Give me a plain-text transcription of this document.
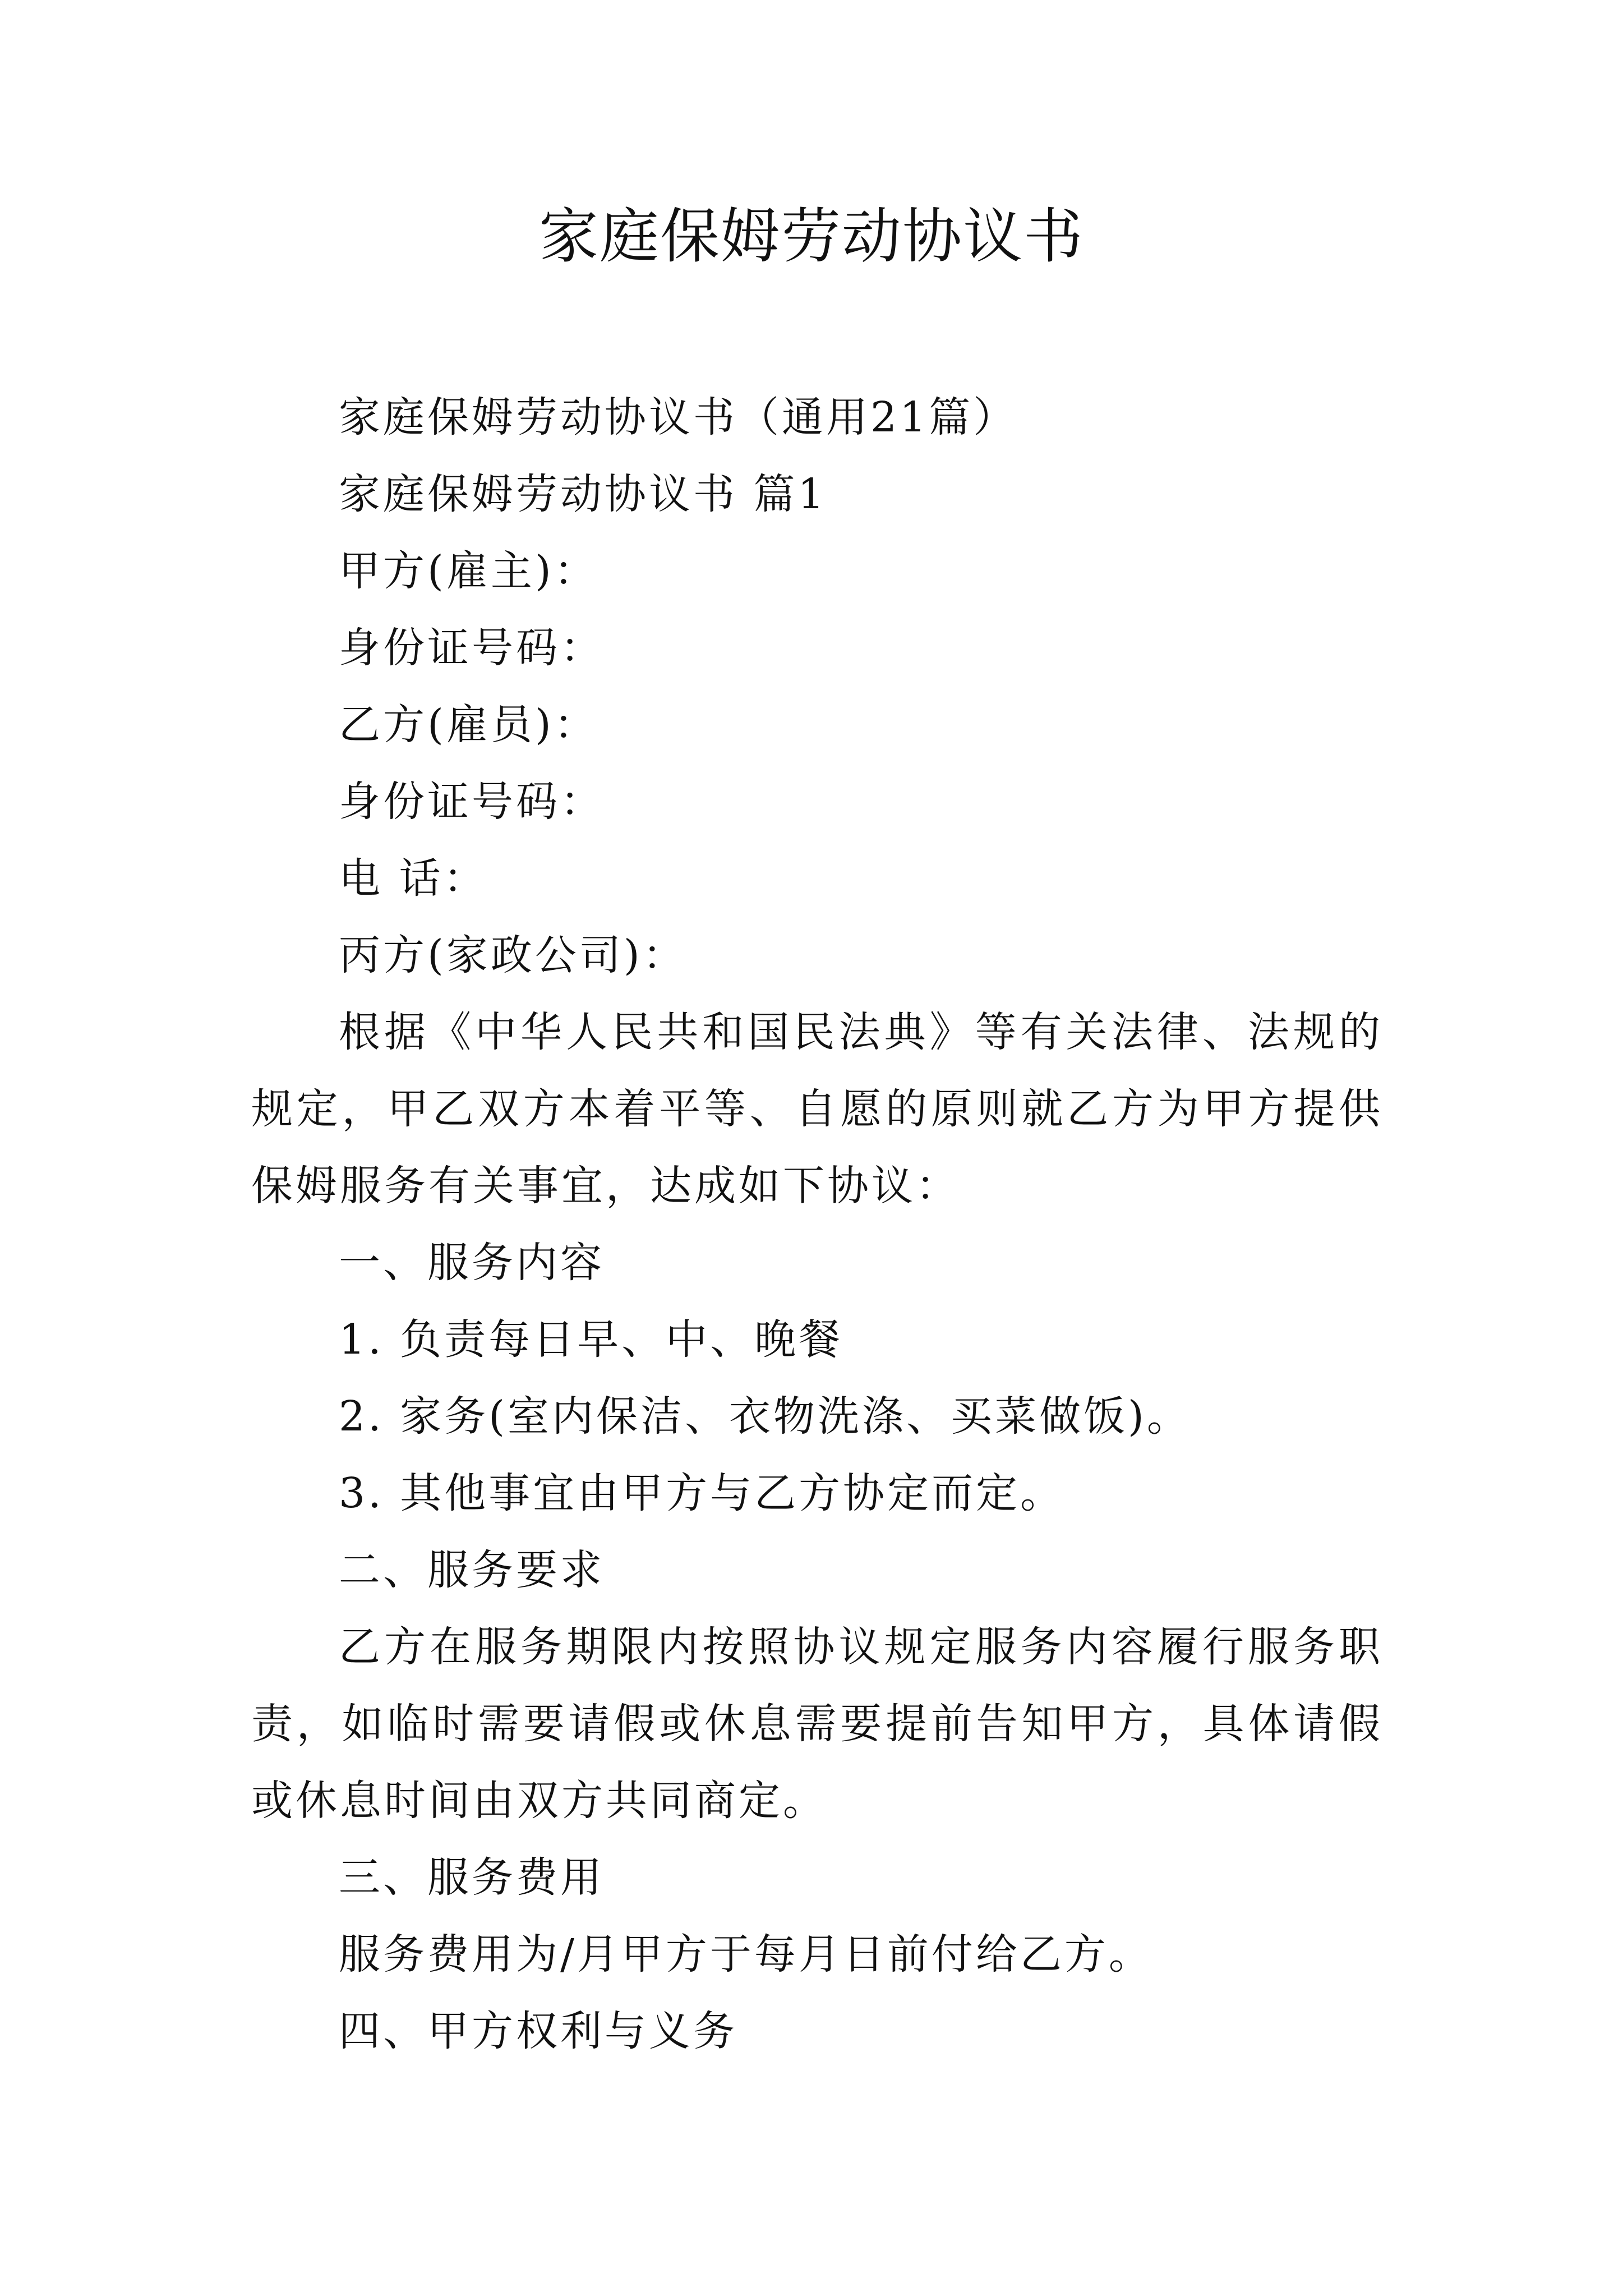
家庭保姆劳动协议书

家庭保姆劳动协议书（通用21篇）

家庭保姆劳动协议书 篇1

甲方(雇主)：

身份证号码：

乙方(雇员)：

身份证号码：

电 话：

丙方(家政公司)：

根据《中华人民共和国民法典》等有关法律、法规的规定，甲乙双方本着平等、自愿的原则就乙方为甲方提供保姆服务有关事宜，达成如下协议：

一、服务内容

1. 负责每日早、中、晚餐

2. 家务(室内保洁、衣物洗涤、买菜做饭)。

3. 其他事宜由甲方与乙方协定而定。

二、服务要求

乙方在服务期限内按照协议规定服务内容履行服务职责，如临时需要请假或休息需要提前告知甲方，具体请假或休息时间由双方共同商定。

三、服务费用

服务费用为/月甲方于每月日前付给乙方。

四、甲方权利与义务
